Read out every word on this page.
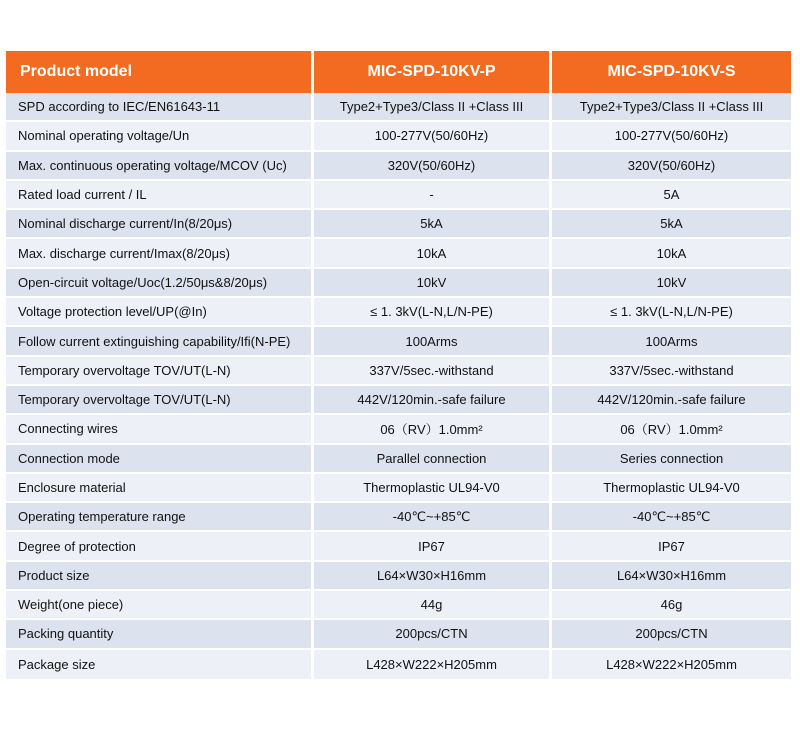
Product model	MIC-SPD-10KV-P	MIC-SPD-10KV-S
SPD according to IEC/EN61643-11	Type2+Type3/Class II +Class III	Type2+Type3/Class II +Class III
Nominal operating voltage/Un	100-277V(50/60Hz)	100-277V(50/60Hz)
Max. continuous operating voltage/MCOV (Uc)	320V(50/60Hz)	320V(50/60Hz)
Rated load current / IL	-	5A
Nominal discharge current/In(8/20μs)	5kA	5kA
Max. discharge current/Imax(8/20μs)	10kA	10kA
Open-circuit voltage/Uoc(1.2/50μs&8/20μs)	10kV	10kV
Voltage protection level/UP(@In)	≤ 1. 3kV(L-N,L/N-PE)	≤ 1. 3kV(L-N,L/N-PE)
Follow current extinguishing capability/Ifi(N-PE)	100Arms	100Arms
Temporary overvoltage TOV/UT(L-N)	337V/5sec.-withstand	337V/5sec.-withstand
Temporary overvoltage TOV/UT(L-N)	442V/120min.-safe failure	442V/120min.-safe failure
Connecting wires	06（RV）1.0mm²	06（RV）1.0mm²
Connection mode	Parallel connection	Series connection
Enclosure material	Thermoplastic UL94-V0	Thermoplastic UL94-V0
Operating temperature range	-40℃~+85℃	-40℃~+85℃
Degree of protection	IP67	IP67
Product size	L64×W30×H16mm	L64×W30×H16mm
Weight(one piece)	44g	46g
Packing quantity	200pcs/CTN	200pcs/CTN
Package size	L428×W222×H205mm	L428×W222×H205mm
